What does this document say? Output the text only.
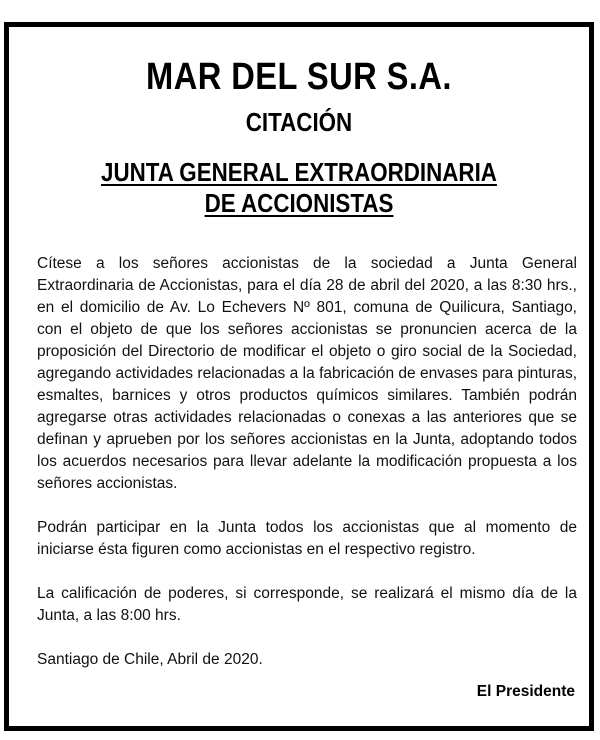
MAR DEL SUR S.A.
CITACIÓN
JUNTA GENERAL EXTRAORDINARIA
DE ACCIONISTAS

Cítese a los señores accionistas de la sociedad a Junta General Extraordinaria de Accionistas, para el día 28 de abril del 2020, a las 8:30 hrs., en el domicilio de Av. Lo Echevers Nº 801, comuna de Quilicura, Santiago, con el objeto de que los señores accionistas se pronuncien acerca de la proposición del Directorio de modificar el objeto o giro social de la Sociedad, agregando actividades relacionadas a la fabricación de envases para pinturas, esmaltes, barnices y otros productos químicos similares. También podrán agregarse otras actividades relacionadas o conexas a las anteriores que se definan y aprueben por los señores accionistas en la Junta, adoptando todos los acuerdos necesarios para llevar adelante la modificación propuesta a los señores accionistas.

Podrán participar en la Junta todos los accionistas que al momento de iniciarse ésta figuren como accionistas en el respectivo registro.

La calificación de poderes, si corresponde, se realizará el mismo día de la Junta, a las 8:00 hrs.

Santiago de Chile, Abril de 2020.

El Presidente
